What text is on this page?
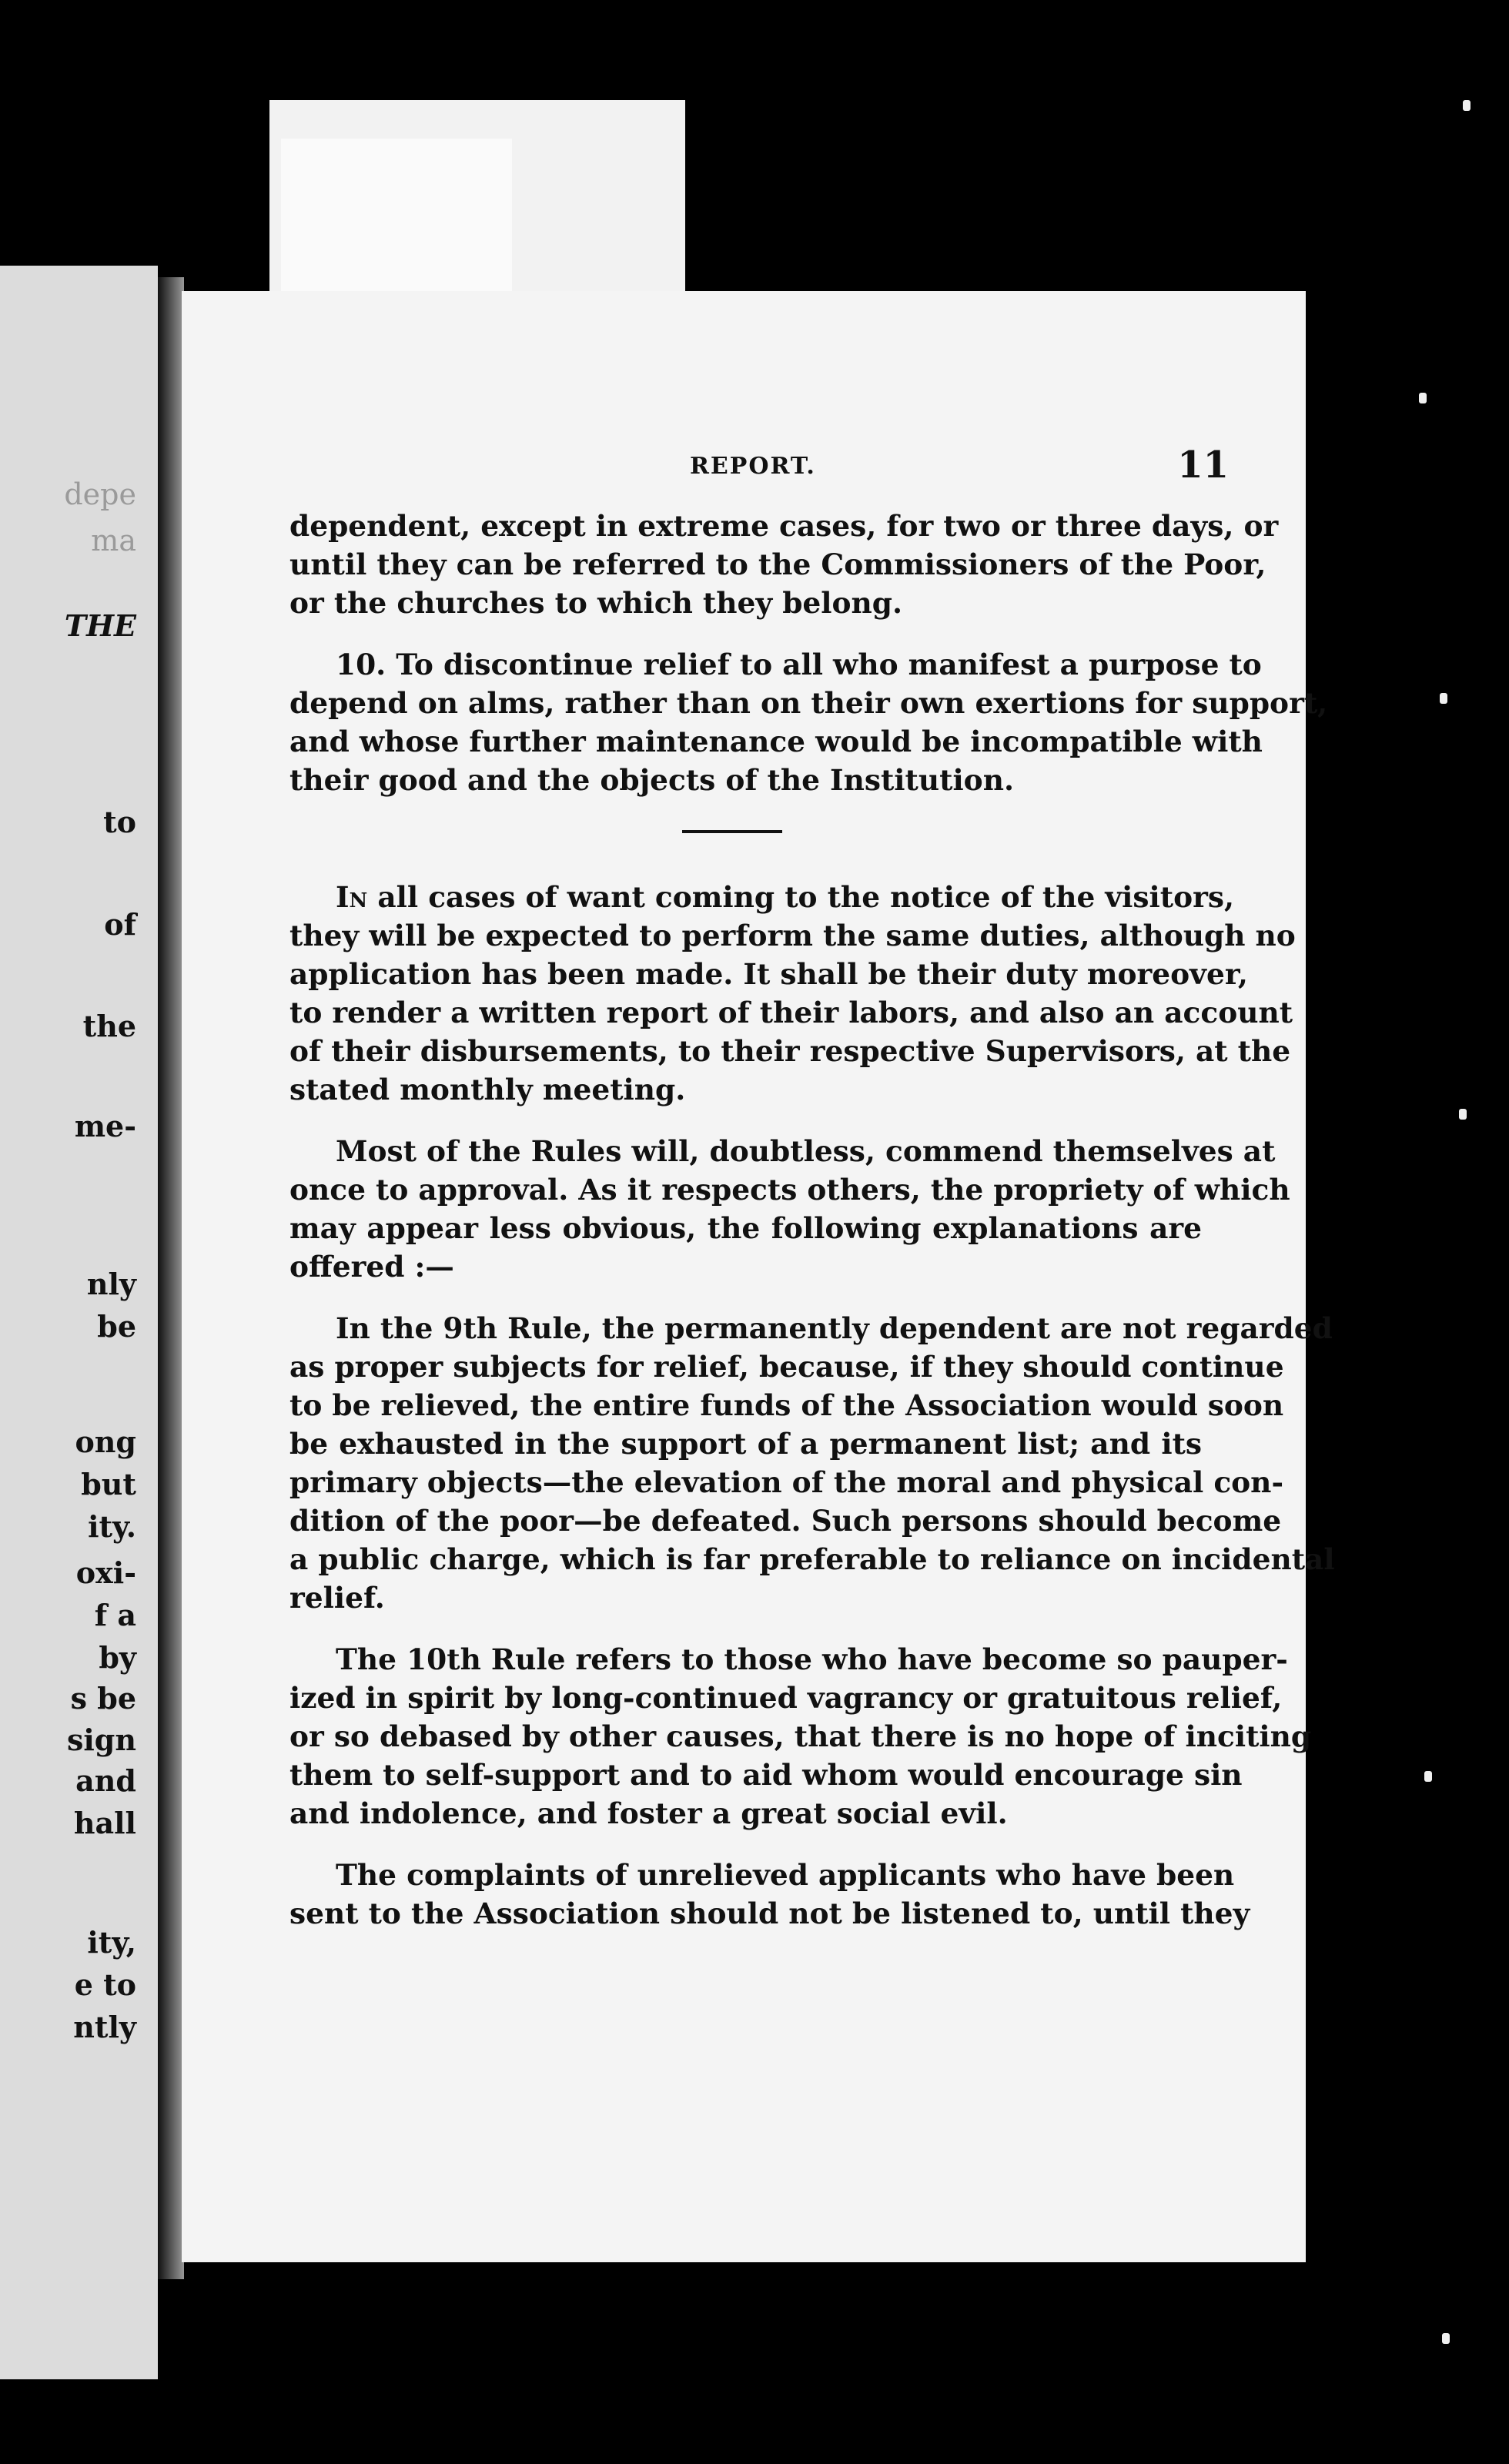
depe
ma
THE
to
of
the
me-
nly
be
ong
but
ity.
oxi-
f a
by
s be
sign
and
hall
ity,
e to
ntly
REPORT.	11
dependent, except in extreme cases, for two or three days, or
until they can be referred to the Commissioners of the Poor,
or the churches to which they belong.
10. To discontinue relief to all who manifest a purpose to
depend on alms, rather than on their own exertions for support,
and whose further maintenance would be incompatible with
their good and the objects of the Institution.
In all cases of want coming to the notice of the visitors,
they will be expected to perform the same duties, although no
application has been made. It shall be their duty moreover,
to render a written report of their labors, and also an account
of their disbursements, to their respective Supervisors, at the
stated monthly meeting.
Most of the Rules will, doubtless, commend themselves at
once to approval. As it respects others, the propriety of which
may appear less obvious, the following explanations are
offered :—
In the 9th Rule, the permanently dependent are not regarded
as proper subjects for relief, because, if they should continue
to be relieved, the entire funds of the Association would soon
be exhausted in the support of a permanent list; and its
primary objects—the elevation of the moral and physical con-
dition of the poor—be defeated. Such persons should become
a public charge, which is far preferable to reliance on incidental
relief.
The 10th Rule refers to those who have become so pauper-
ized in spirit by long-continued vagrancy or gratuitous relief,
or so debased by other causes, that there is no hope of inciting
them to self-support and to aid whom would encourage sin
and indolence, and foster a great social evil.
The complaints of unrelieved applicants who have been
sent to the Association should not be listened to, until they
